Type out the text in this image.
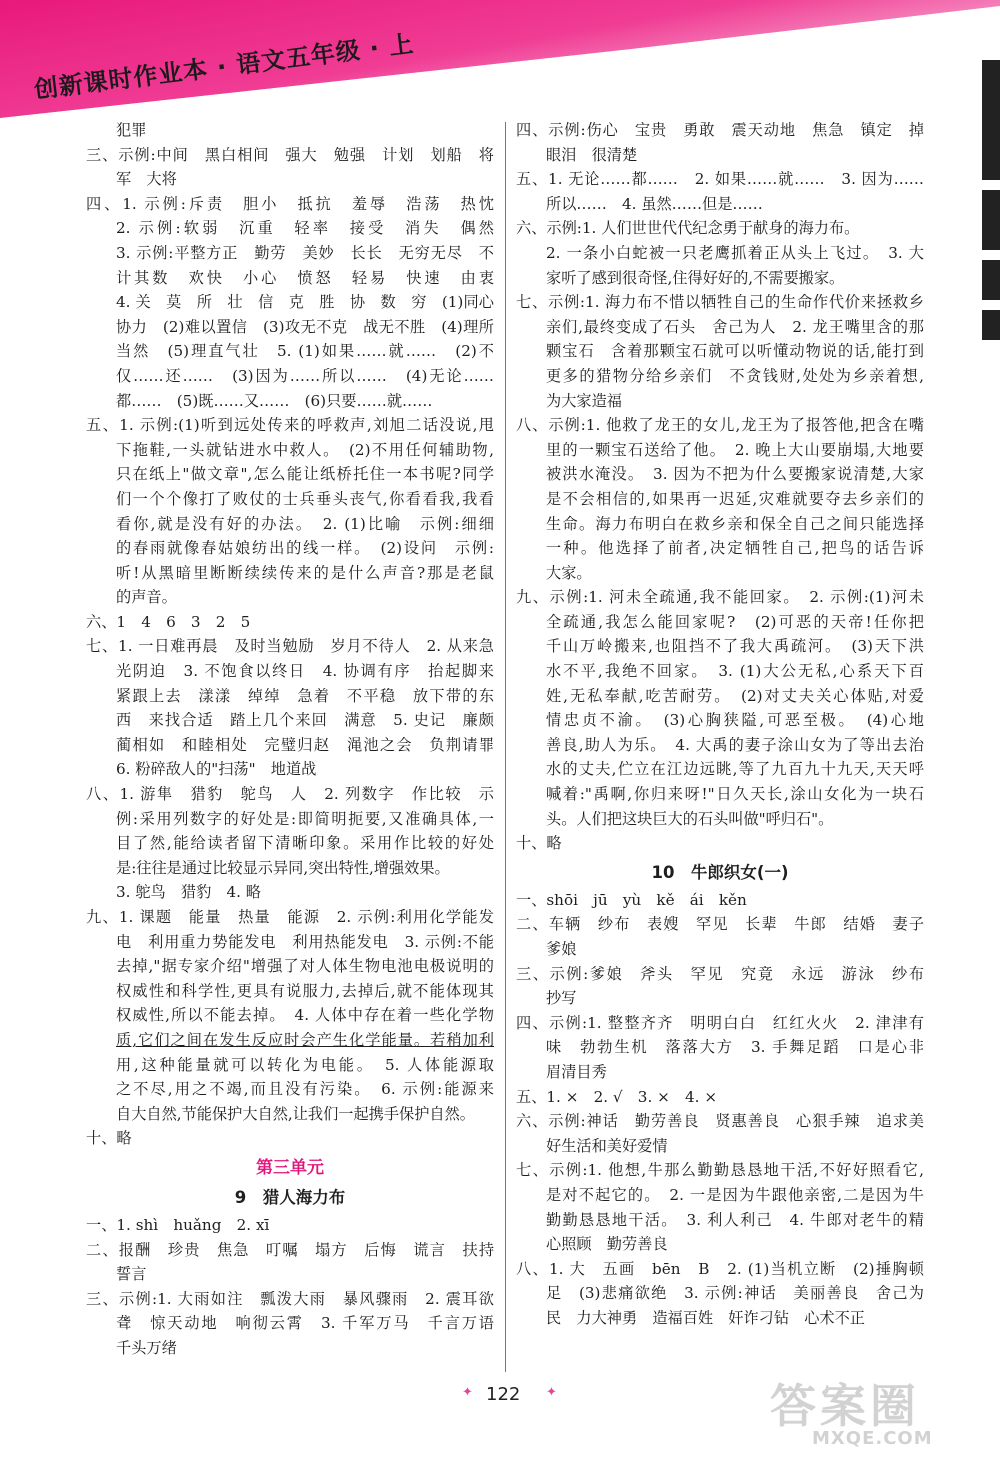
创新课时作业本 · 语文五年级 · 上
犯罪
三、示例:中间　黑白相间　强大　勉强　计划　划船　将
军　大将
四、1. 示例:斥责　胆小　抵抗　羞辱　浩荡　热忱
2. 示例:软弱　沉重　轻率　接受　消失　偶然
3. 示例:平整方正　勤劳　美妙　长长　无穷无尽　不
计其数　欢快　小心　愤怒　轻易　快速　由衷
4. 关　莫　所　壮　信　克　胜　协　数　穷　(1)同心
协力　(2)难以置信　(3)攻无不克　战无不胜　(4)理所
当然　(5)理直气壮　5. (1)如果……就……　(2)不
仅……还……　(3)因为……所以……　(4)无论……
都……　(5)既……又……　(6)只要……就……
五、1. 示例:(1)听到远处传来的呼救声,刘旭二话没说,甩
下拖鞋,一头就钻进水中救人。　(2)不用任何辅助物,
只在纸上"做文章",怎么能让纸桥托住一本书呢?同学
们一个个像打了败仗的士兵垂头丧气,你看看我,我看
看你,就是没有好的办法。　2. (1)比喻　示例:细细
的春雨就像春姑娘纺出的线一样。　(2)设问　示例:
听!从黑暗里断断续续传来的是什么声音?那是老鼠
的声音。
六、1　4　6　3　2　5
七、1. 一日难再晨　及时当勉励　岁月不待人　2. 从来急
光阴迫　3. 不饱食以终日　4. 协调有序　抬起脚来
紧跟上去　漾漾　绰绰　急着　不平稳　放下带的东
西　来找合适　踏上几个来回　满意　5. 史记　廉颇
蔺相如　和睦相处　完璧归赵　渑池之会　负荆请罪
6. 粉碎敌人的"扫荡"　地道战
八、1. 游隼　猎豹　鸵鸟　人　2. 列数字　作比较　示
例:采用列数字的好处是:即简明扼要,又准确具体,一
目了然,能给读者留下清晰印象。采用作比较的好处
是:往往是通过比较显示异同,突出特性,增强效果。
3. 鸵鸟　猎豹　4. 略
九、1. 课题　能量　热量　能源　2. 示例:利用化学能发
电　利用重力势能发电　利用热能发电　3. 示例:不能
去掉,"据专家介绍"增强了对人体生物电池电极说明的
权威性和科学性,更具有说服力,去掉后,就不能体现其
权威性,所以不能去掉。　4. 人体中存在着一些化学物
质,它们之间在发生反应时会产生化学能量。若稍加利
用,这种能量就可以转化为电能。　5. 人体能源取
之不尽,用之不竭,而且没有污染。　6. 示例:能源来
自大自然,节能保护大自然,让我们一起携手保护自然。
十、略
第三单元
9　猎人海力布
一、1. shì　huǎng　2. xī
二、报酬　珍贵　焦急　叮嘱　塌方　后悔　谎言　扶持
誓言
三、示例:1. 大雨如注　瓢泼大雨　暴风骤雨　2. 震耳欲
聋　惊天动地　响彻云霄　3. 千军万马　千言万语
千头万绪
四、示例:伤心　宝贵　勇敢　震天动地　焦急　镇定　掉
眼泪　很清楚
五、1. 无论……都……　2. 如果……就……　3. 因为……
所以……　4. 虽然……但是……
六、示例:1. 人们世世代代纪念勇于献身的海力布。
2. 一条小白蛇被一只老鹰抓着正从头上飞过。　3. 大
家听了感到很奇怪,住得好好的,不需要搬家。
七、示例:1. 海力布不惜以牺牲自己的生命作代价来拯救乡
亲们,最终变成了石头　舍己为人　2. 龙王嘴里含的那
颗宝石　含着那颗宝石就可以听懂动物说的话,能打到
更多的猎物分给乡亲们　不贪钱财,处处为乡亲着想,
为大家造福
八、示例:1. 他救了龙王的女儿,龙王为了报答他,把含在嘴
里的一颗宝石送给了他。　2. 晚上大山要崩塌,大地要
被洪水淹没。　3. 因为不把为什么要搬家说清楚,大家
是不会相信的,如果再一迟延,灾难就要夺去乡亲们的
生命。海力布明白在救乡亲和保全自己之间只能选择
一种。他选择了前者,决定牺牲自己,把鸟的话告诉
大家。
九、示例:1. 河未全疏通,我不能回家。　2. 示例:(1)河未
全疏通,我怎么能回家呢?　(2)可恶的天帝!任你把
千山万岭搬来,也阻挡不了我大禹疏河。　(3)天下洪
水不平,我绝不回家。　3. (1)大公无私,心系天下百
姓,无私奉献,吃苦耐劳。　(2)对丈夫关心体贴,对爱
情忠贞不渝。　(3)心胸狭隘,可恶至极。　(4)心地
善良,助人为乐。　4. 大禹的妻子涂山女为了等出去治
水的丈夫,伫立在江边远眺,等了九百九十九天,天天呼
喊着:"禹啊,你归来呀!"日久天长,涂山女化为一块石
头。人们把这块巨大的石头叫做"呼归石"。
十、略
10　牛郎织女(一)
一、shōi　jū　yù　kě　ái　kěn
二、车辆　纱布　表嫂　罕见　长辈　牛郎　结婚　妻子
爹娘
三、示例:爹娘　斧头　罕见　究竟　永远　游泳　纱布
抄写
四、示例:1. 整整齐齐　明明白白　红红火火　2. 津津有
味　勃勃生机　落落大方　3. 手舞足蹈　口是心非
眉清目秀
五、1. ×　2. √　3. ×　4. ×
六、示例:神话　勤劳善良　贤惠善良　心狠手辣　追求美
好生活和美好爱情
七、示例:1. 他想,牛那么勤勤恳恳地干活,不好好照看它,
是对不起它的。　2. 一是因为牛跟他亲密,二是因为牛
勤勤恳恳地干活。　3. 利人利己　4. 牛郎对老牛的精
心照顾　勤劳善良
八、1. 大　五画　bēn　B　2. (1)当机立断　(2)捶胸顿
足　(3)悲痛欲绝　3. 示例:神话　美丽善良　舍己为
民　力大神勇　造福百姓　奸诈刁钻　心术不正
✦ 122 ✦	答案圈
MXQE.COM
